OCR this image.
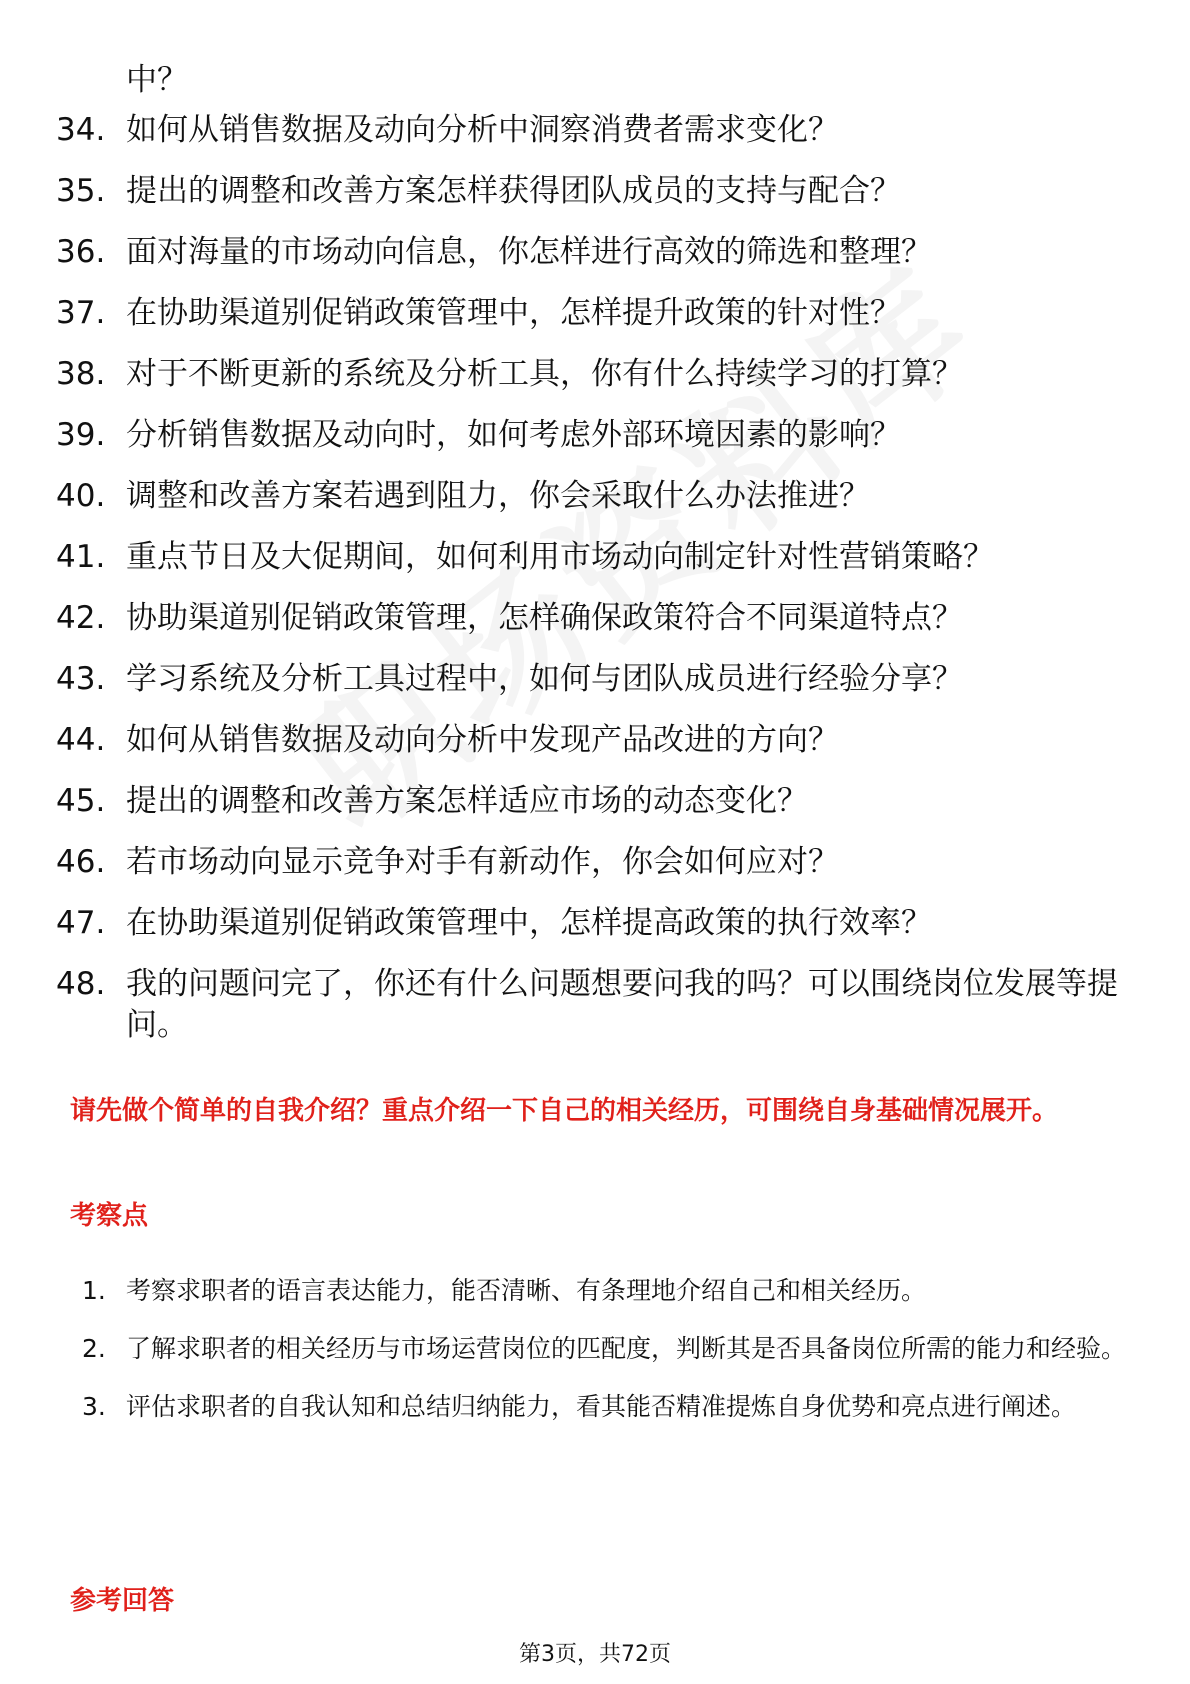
中？
34. 如何从销售数据及动向分析中洞察消费者需求变化？
35. 提出的调整和改善方案怎样获得团队成员的支持与配合？
36. 面对海量的市场动向信息，你怎样进行高效的筛选和整理？
37. 在协助渠道别促销政策管理中，怎样提升政策的针对性？
38. 对于不断更新的系统及分析工具，你有什么持续学习的打算？
39. 分析销售数据及动向时，如何考虑外部环境因素的影响？
40. 调整和改善方案若遇到阻力，你会采取什么办法推进？
41. 重点节日及大促期间，如何利用市场动向制定针对性营销策略？
42. 协助渠道别促销政策管理，怎样确保政策符合不同渠道特点？
43. 学习系统及分析工具过程中，如何与团队成员进行经验分享？
44. 如何从销售数据及动向分析中发现产品改进的方向？
45. 提出的调整和改善方案怎样适应市场的动态变化？
46. 若市场动向显示竞争对手有新动作，你会如何应对？
47. 在协助渠道别促销政策管理中，怎样提高政策的执行效率？
48. 我的问题问完了，你还有什么问题想要问我的吗？可以围绕岗位发展等提问。
请先做个简单的自我介绍？重点介绍一下自己的相关经历，可围绕自身基础情况展开。
考察点
1. 考察求职者的语言表达能力，能否清晰、有条理地介绍自己和相关经历。
2. 了解求职者的相关经历与市场运营岗位的匹配度，判断其是否具备岗位所需的能力和经验。
3. 评估求职者的自我认知和总结归纳能力，看其能否精准提炼自身优势和亮点进行阐述。
参考回答
第3页，共72页
